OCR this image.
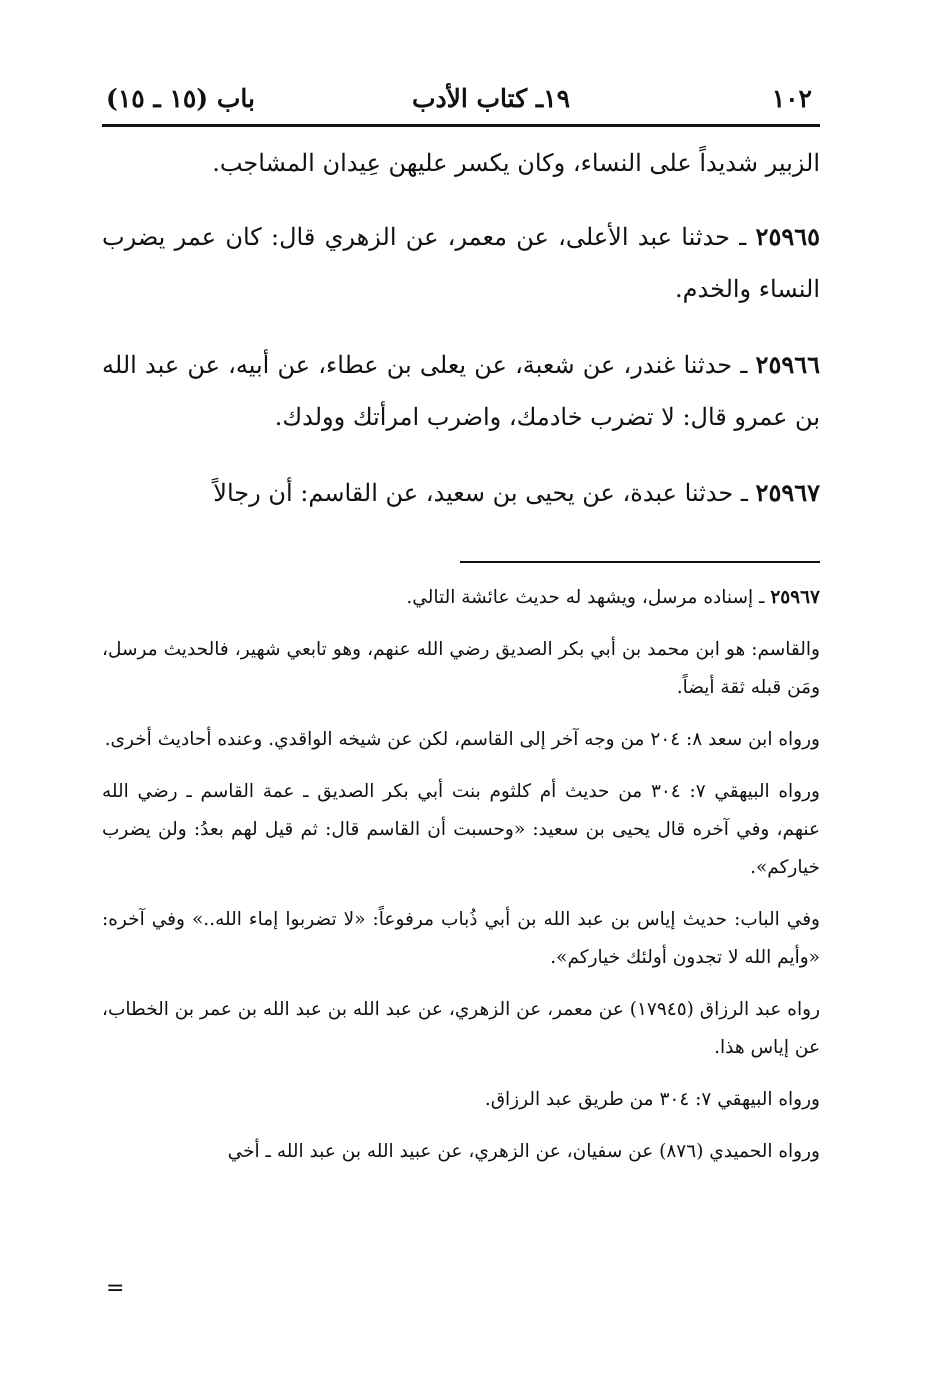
١٠٢
١٩ـ كتاب الأدب
باب (١٥ ـ ١٥)

الزبير شديداً على النساء، وكان يكسر عليهن عِيدان المشاجب.

٢٥٩٦٥ ـ حدثنا عبد الأعلى، عن معمر، عن الزهري قال: كان عمر يضرب النساء والخدم.

٢٥٩٦٦ ـ حدثنا غندر، عن شعبة، عن يعلى بن عطاء، عن أبيه، عن عبد الله بن عمرو قال: لا تضرب خادمك، واضرب امرأتك وولدك.

٢٥٩٦٧ ـ حدثنا عبدة، عن يحيى بن سعيد، عن القاسم: أن رجالاً

٢٥٩٦٧ ـ إسناده مرسل، ويشهد له حديث عائشة التالي.

والقاسم: هو ابن محمد بن أبي بكر الصديق رضي الله عنهم، وهو تابعي شهير، فالحديث مرسل، ومَن قبله ثقة أيضاً.

ورواه ابن سعد ٨: ٢٠٤ من وجه آخر إلى القاسم، لكن عن شيخه الواقدي. وعنده أحاديث أخرى.

ورواه البيهقي ٧: ٣٠٤ من حديث أم كلثوم بنت أبي بكر الصديق ـ عمة القاسم ـ رضي الله عنهم، وفي آخره قال يحيى بن سعيد: «وحسبت أن القاسم قال: ثم قيل لهم بعدُ: ولن يضرب خياركم».

وفي الباب: حديث إياس بن عبد الله بن أبي ذُباب مرفوعاً: «لا تضربوا إماء الله..» وفي آخره: «وأيم الله لا تجدون أولئك خياركم».

رواه عبد الرزاق (١٧٩٤٥) عن معمر، عن الزهري، عن عبد الله بن عبد الله بن عمر بن الخطاب، عن إياس هذا.

ورواه البيهقي ٧: ٣٠٤ من طريق عبد الرزاق.

ورواه الحميدي (٨٧٦) عن سفيان، عن الزهري، عن عبيد الله بن عبد الله ـ أخي

=
